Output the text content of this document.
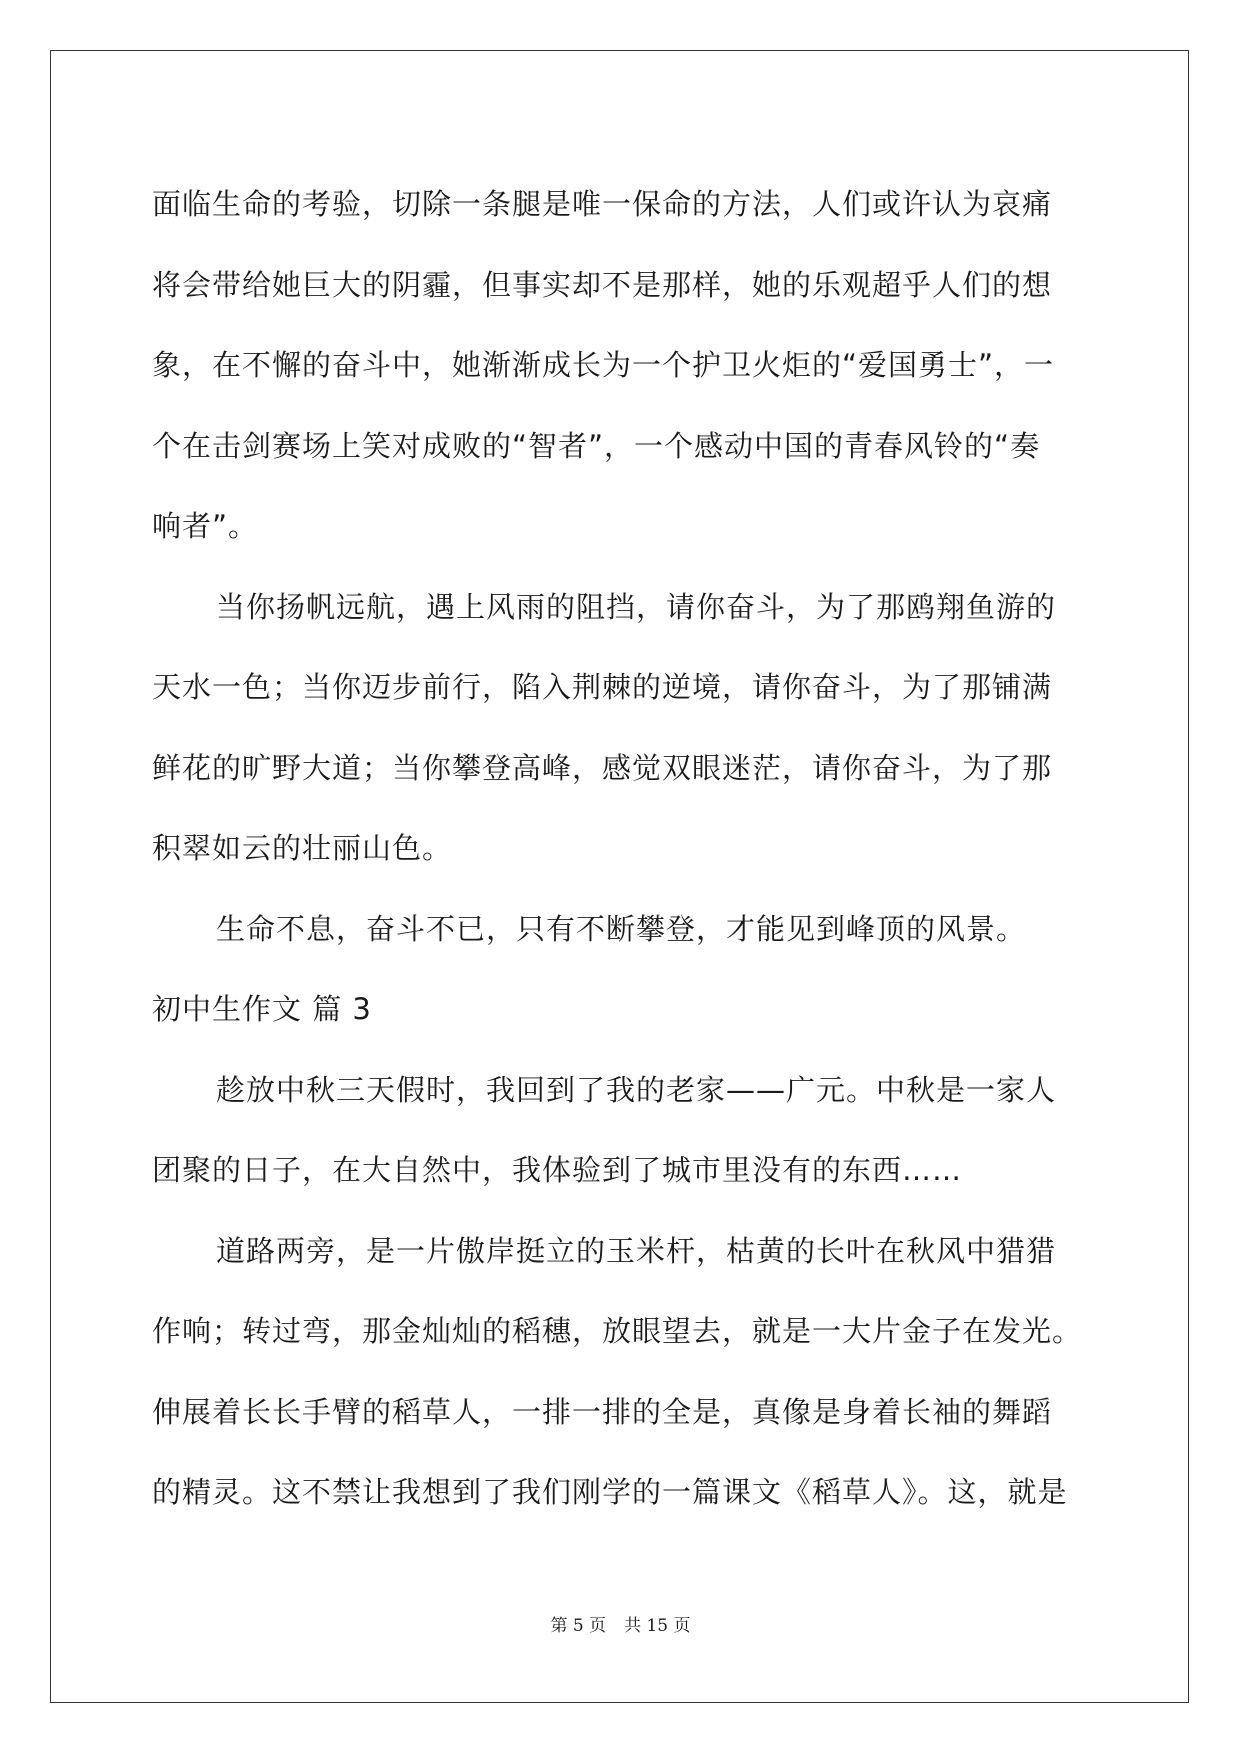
面临生命的考验，切除一条腿是唯一保命的方法，人们或许认为哀痛
将会带给她巨大的阴霾，但事实却不是那样，她的乐观超乎人们的想
象，在不懈的奋斗中，她渐渐成长为一个护卫火炬的“爱国勇士”，一
个在击剑赛场上笑对成败的“智者”，一个感动中国的青春风铃的“奏
响者”。
当你扬帆远航，遇上风雨的阻挡，请你奋斗，为了那鸥翔鱼游的
天水一色；当你迈步前行，陷入荆棘的逆境，请你奋斗，为了那铺满
鲜花的旷野大道；当你攀登高峰，感觉双眼迷茫，请你奋斗，为了那
积翠如云的壮丽山色。
生命不息，奋斗不已，只有不断攀登，才能见到峰顶的风景。
初中生作文 篇 3
趁放中秋三天假时，我回到了我的老家——广元。中秋是一家人
团聚的日子，在大自然中，我体验到了城市里没有的东西……
道路两旁，是一片傲岸挺立的玉米杆，枯黄的长叶在秋风中猎猎
作响；转过弯，那金灿灿的稻穗，放眼望去，就是一大片金子在发光。
伸展着长长手臂的稻草人，一排一排的全是，真像是身着长袖的舞蹈
的精灵。这不禁让我想到了我们刚学的一篇课文《稻草人》。这，就是
第 5 页 共 15 页
